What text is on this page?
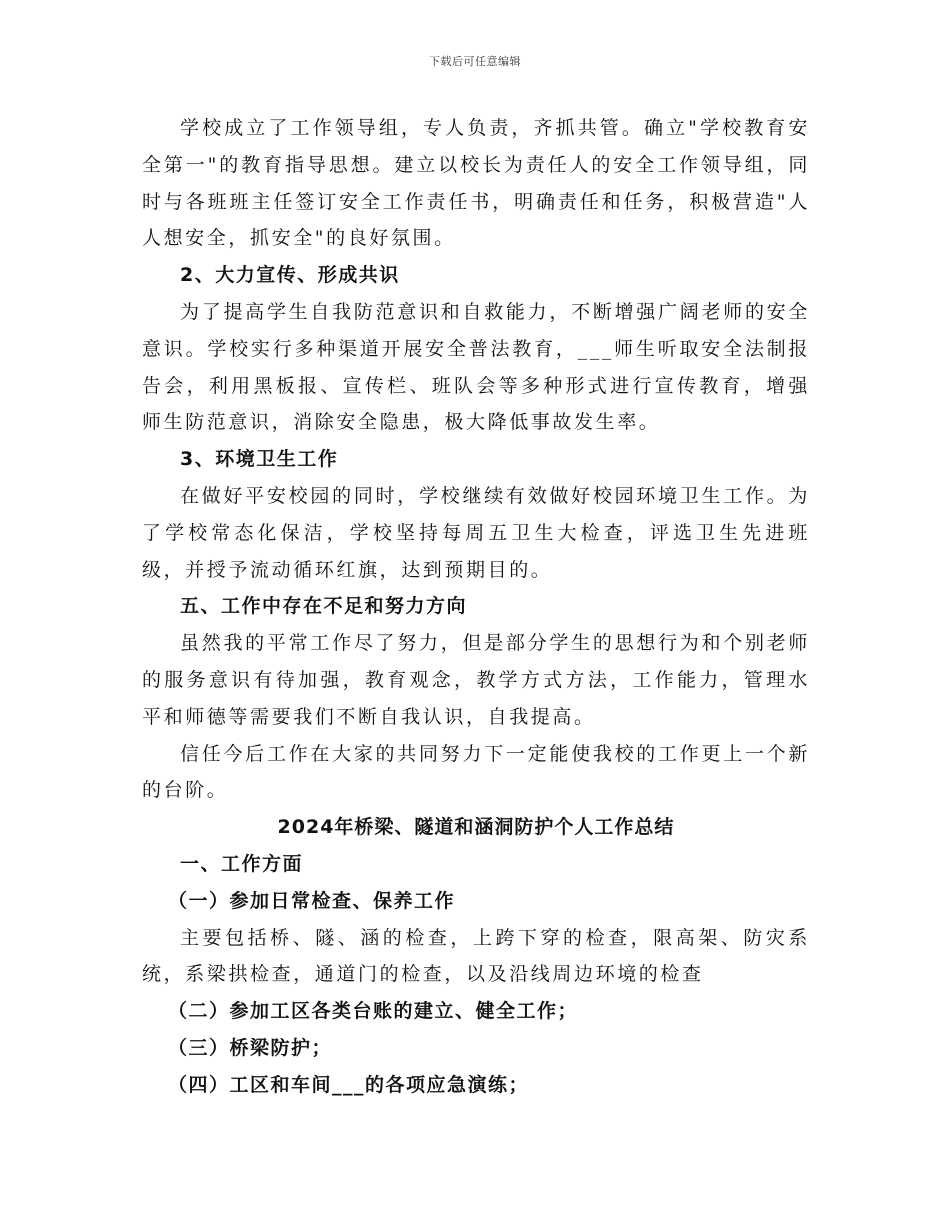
下载后可任意编辑

学校成立了工作领导组，专人负责，齐抓共管。确立"学校教育安全第一"的教育指导思想。建立以校长为责任人的安全工作领导组，同时与各班班主任签订安全工作责任书，明确责任和任务，积极营造"人人想安全，抓安全"的良好氛围。

2、大力宣传、形成共识

为了提高学生自我防范意识和自救能力，不断增强广阔老师的安全意识。学校实行多种渠道开展安全普法教育，___师生听取安全法制报告会，利用黑板报、宣传栏、班队会等多种形式进行宣传教育，增强师生防范意识，消除安全隐患，极大降低事故发生率。

3、环境卫生工作

在做好平安校园的同时，学校继续有效做好校园环境卫生工作。为了学校常态化保洁，学校坚持每周五卫生大检查，评选卫生先进班级，并授予流动循环红旗，达到预期目的。

五、工作中存在不足和努力方向

虽然我的平常工作尽了努力，但是部分学生的思想行为和个别老师的服务意识有待加强，教育观念，教学方式方法，工作能力，管理水平和师德等需要我们不断自我认识，自我提高。

信任今后工作在大家的共同努力下一定能使我校的工作更上一个新的台阶。

2024年桥梁、隧道和涵洞防护个人工作总结

一、工作方面

（一）参加日常检查、保养工作

主要包括桥、隧、涵的检查，上跨下穿的检查，限高架、防灾系统，系梁拱检查，通道门的检查，以及沿线周边环境的检查

（二）参加工区各类台账的建立、健全工作；

（三）桥梁防护；

（四）工区和车间___的各项应急演练；
